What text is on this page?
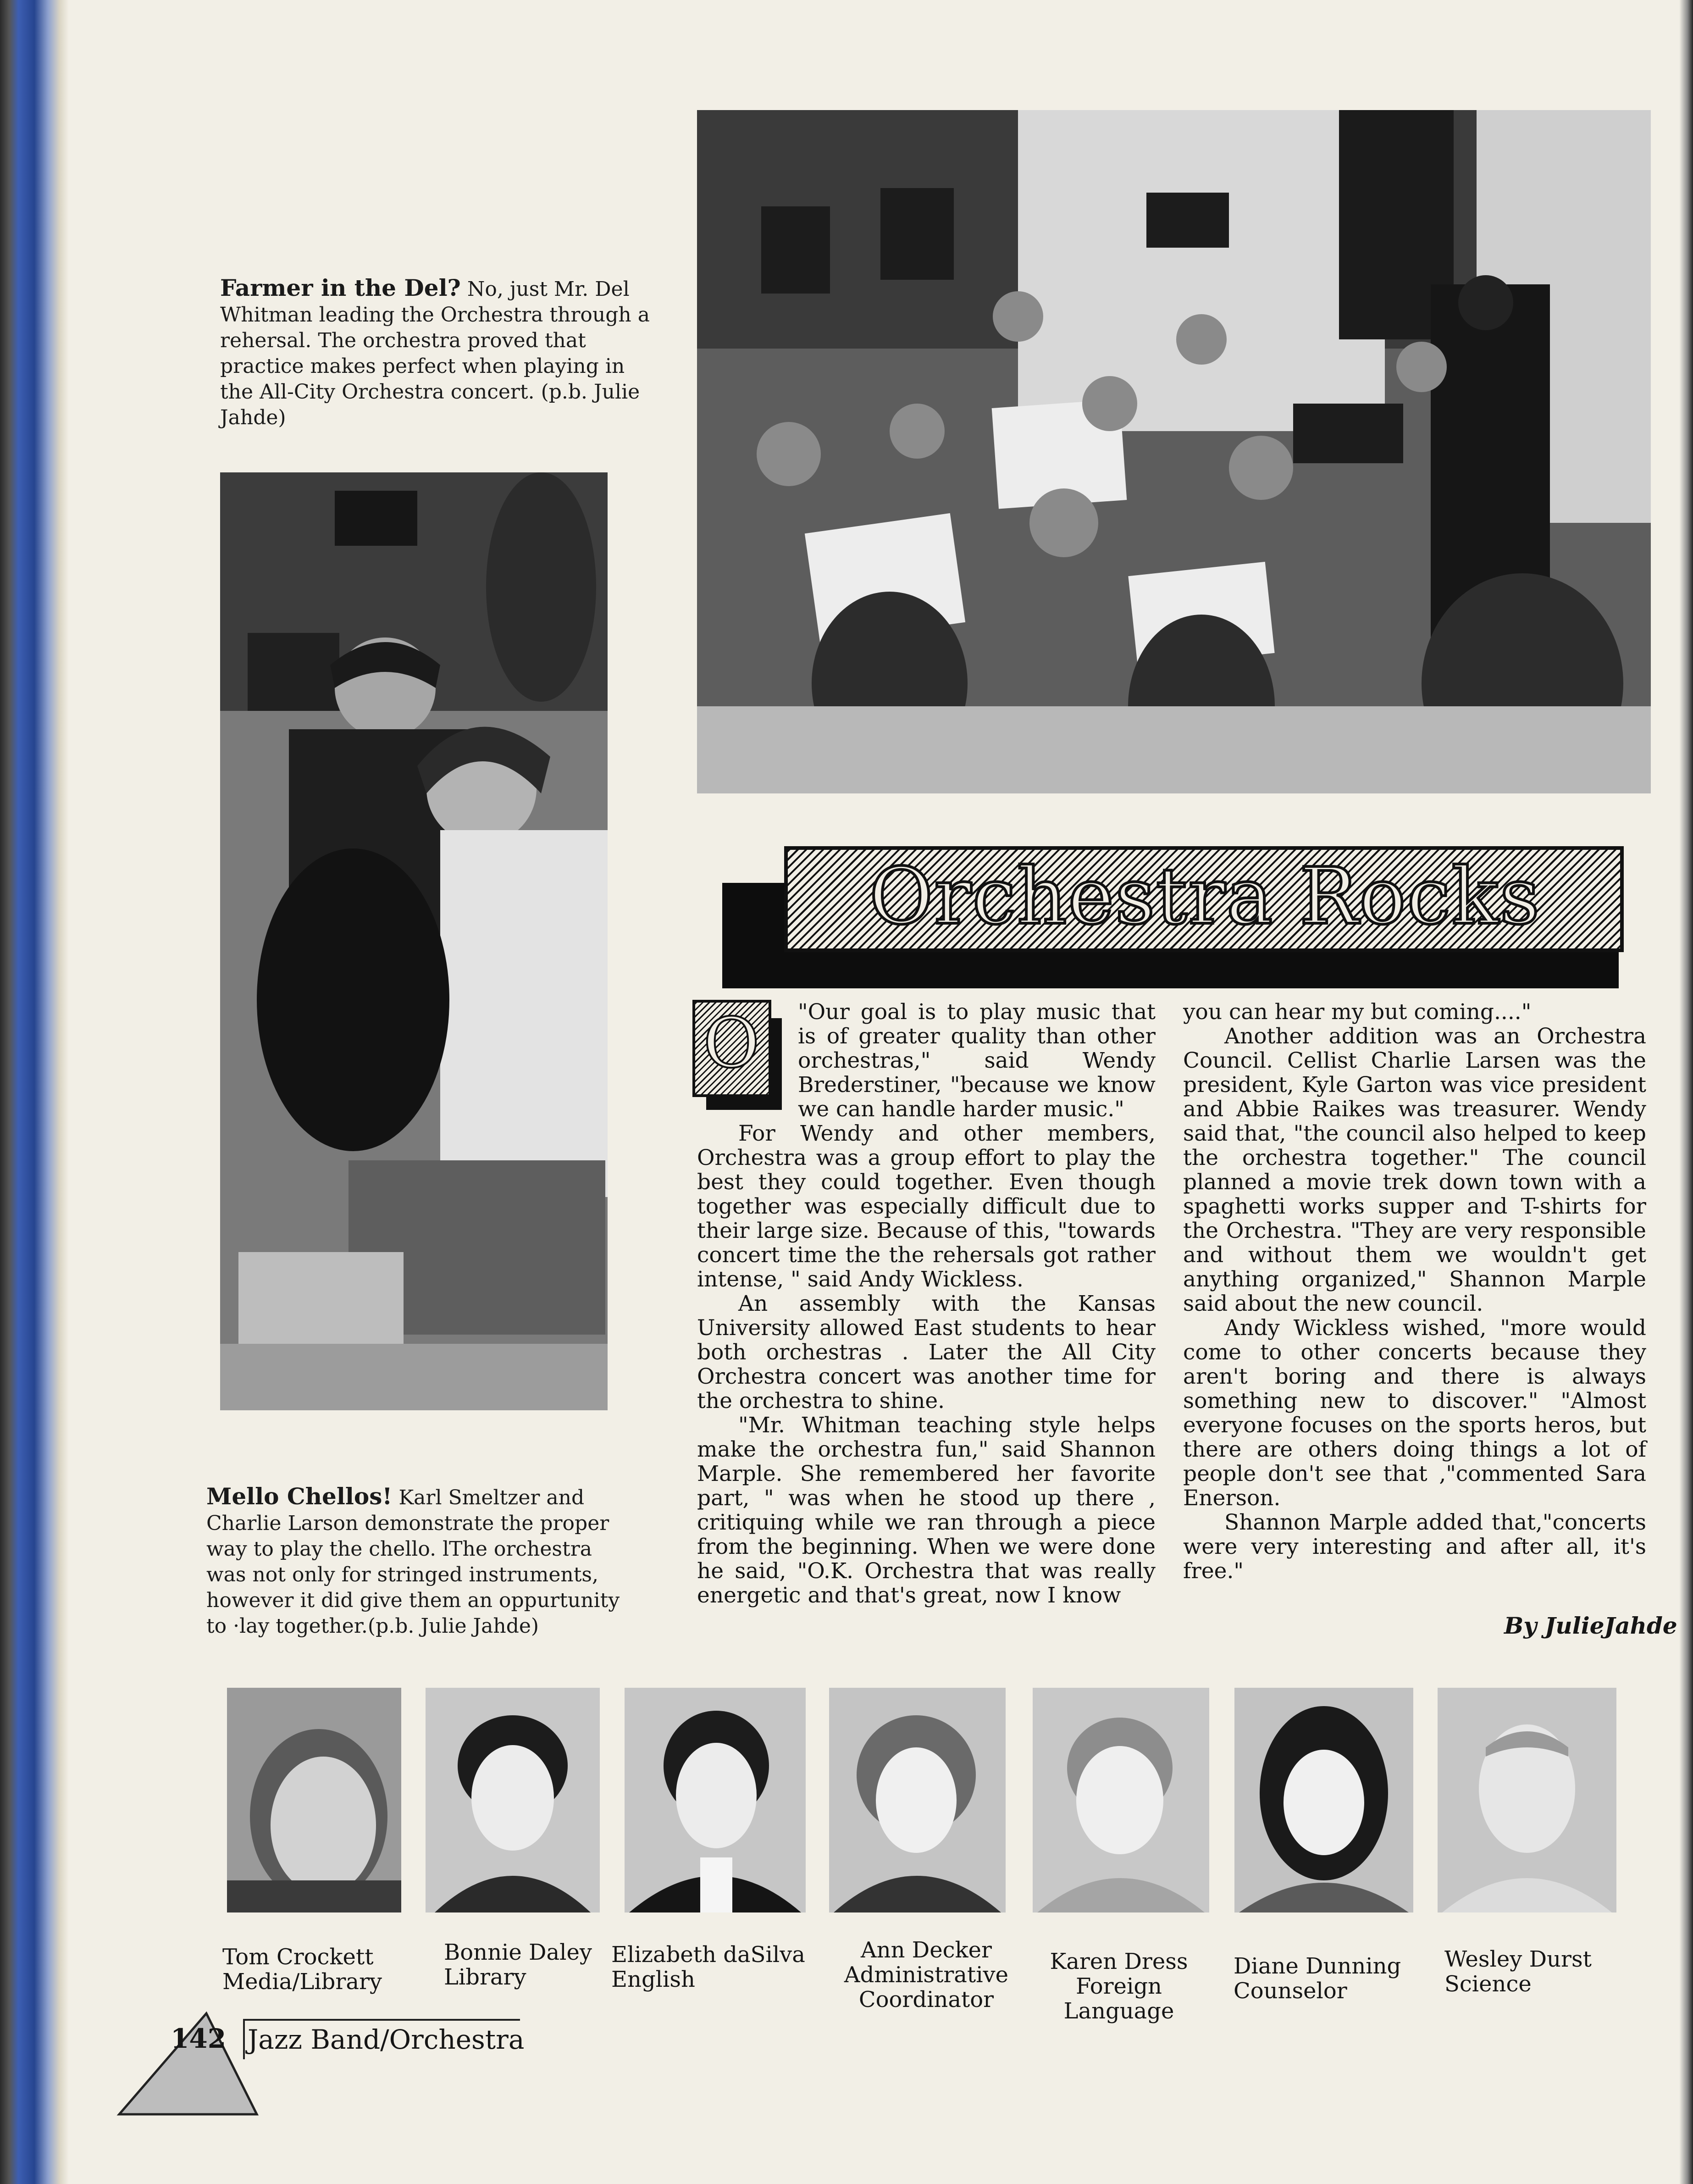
Farmer in the Del? No, just Mr. Del Whitman leading the Orchestra through a rehersal. The orchestra proved that practice makes perfect when playing in the All-City Orchestra concert. (p.b. Julie Jahde)
Mello Chellos! Karl Smeltzer and Charlie Larson demonstrate the proper way to play the chello. lThe orchestra was not only for stringed instruments, however it did give them an oppurtunity to ·lay together.(p.b. Julie Jahde)
Orchestra Rocks
O	"Our goal is to play music that is of greater quality than other orchestras," said Wendy Brederstiner, "because we know we can handle harder music."

For Wendy and other members, Orchestra was a group effort to play the best they could together. Even though together was especially difficult due to their large size. Because of this, "towards concert time the the rehersals got rather intense, " said Andy Wickless.

An assembly with the Kansas University allowed East students to hear both orchestras . Later the All City Orchestra concert was another time for the orchestra to shine.

"Mr. Whitman teaching style helps make the orchestra fun," said Shannon Marple. She remembered her favorite part, " was when he stood up there , critiquing while we ran through a piece from the beginning. When we were done he said, "O.K. Orchestra that was really energetic and that's great, now I know

you can hear my but coming...."

Another addition was an Orchestra Council. Cellist Charlie Larsen was the president, Kyle Garton was vice president and Abbie Raikes was treasurer. Wendy said that, "the council also helped to keep the orchestra together." The council planned a movie trek down town with a spaghetti works supper and T-shirts for the Orchestra. "They are very responsible and without them we wouldn't get anything organized," Shannon Marple said about the new council.

Andy Wickless wished, "more would come to other concerts because they aren't boring and there is always something new to discover." "Almost everyone focuses on the sports heros, but there are others doing things a lot of people don't see that ,"commented Sara Enerson.

Shannon Marple added that,"concerts were very interesting and after all, it's free."

By JulieJahde
Tom Crockett
Media/Library
Bonnie Daley
Library
Elizabeth daSilva
English
Ann Decker
Administrative Coordinator
Karen Dress
Foreign Language
Diane Dunning
Counselor
Wesley Durst
Science
142 Jazz Band/Orchestra
